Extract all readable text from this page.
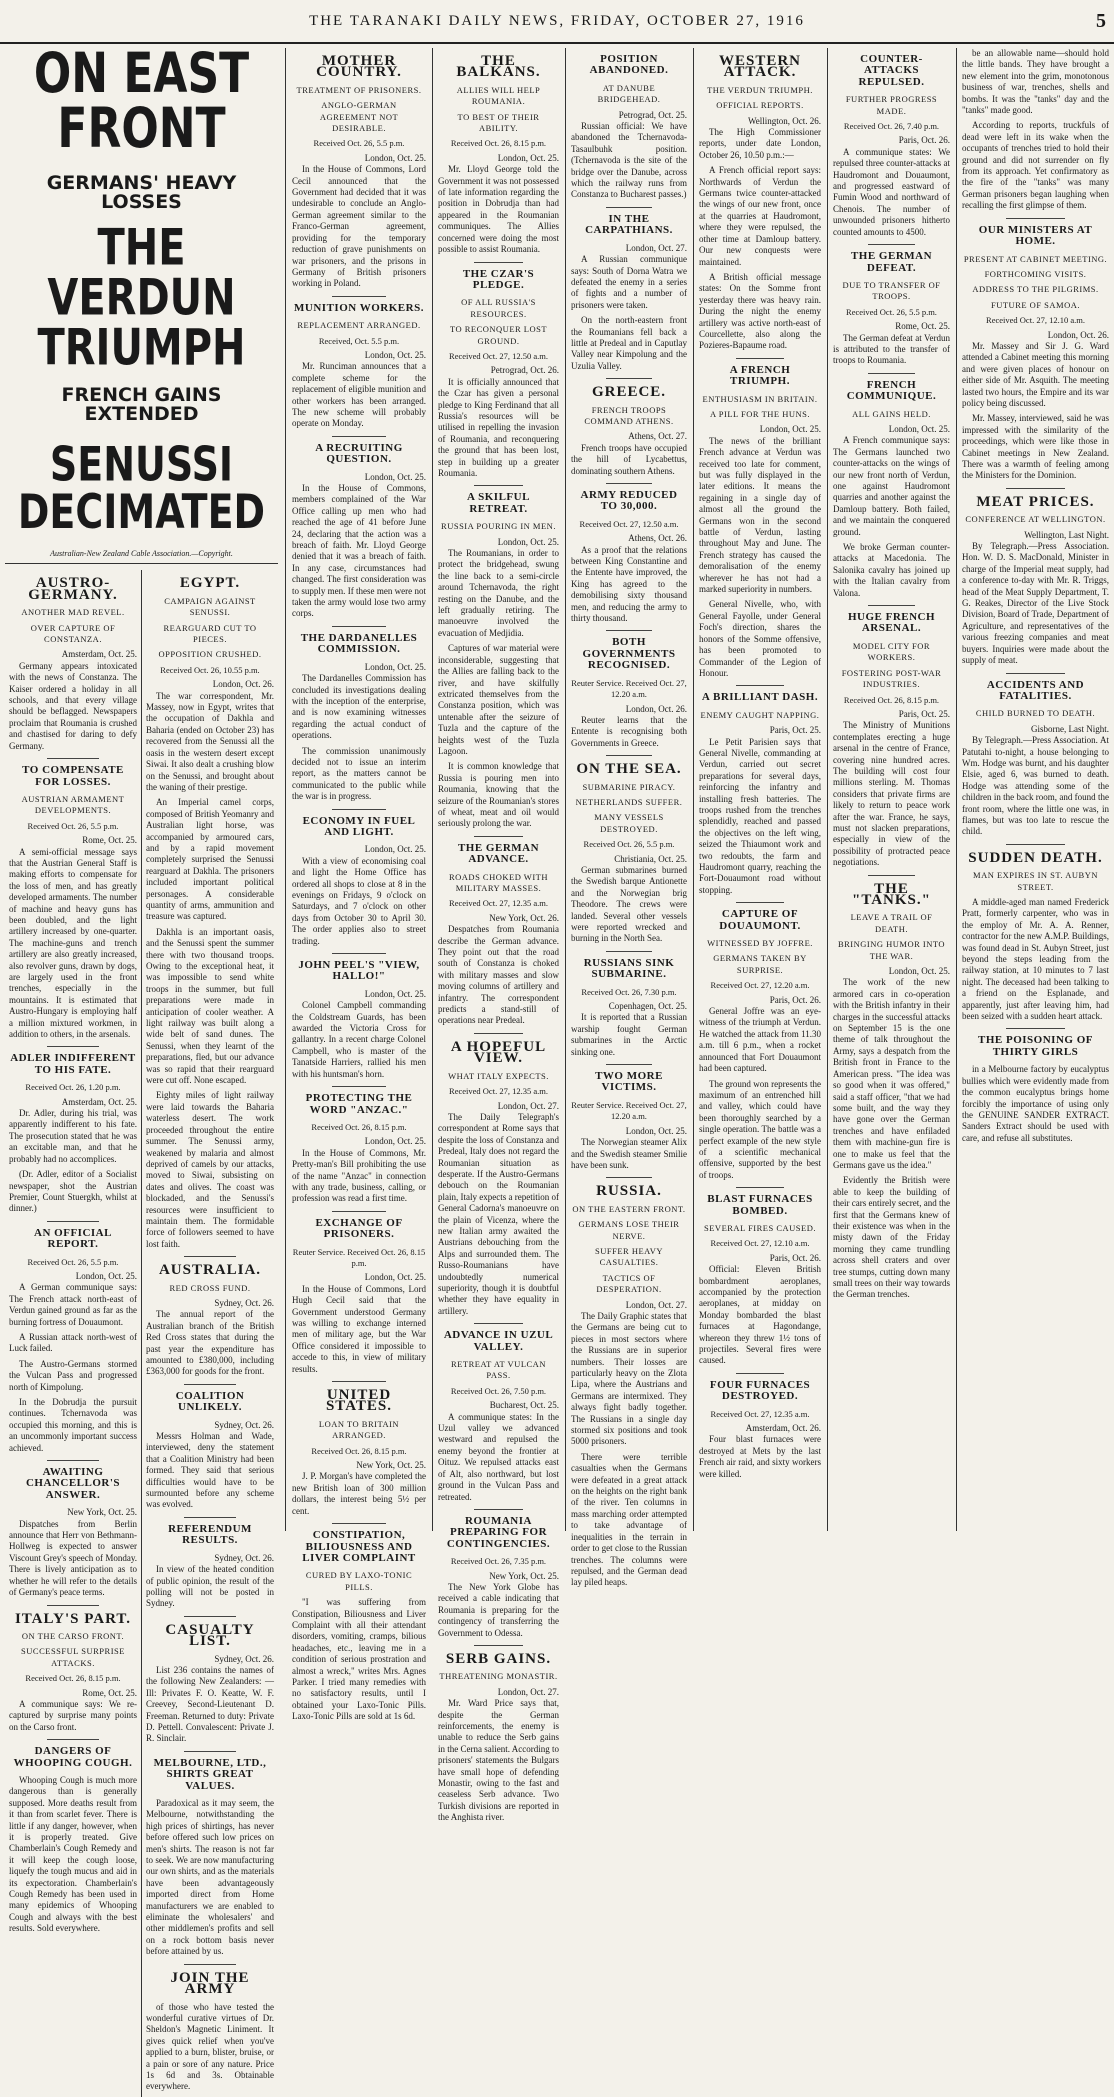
THE TARANAKI DAILY NEWS, FRIDAY, OCTOBER 27, 1916	5
ON EAST FRONT
GERMANS' HEAVY LOSSES
THE VERDUN TRIUMPH
FRENCH GAINS EXTENDED
SENUSSI DECIMATED
Australian-New Zealand Cable Association.—Copyright.
AUSTRO-GERMANY.
ANOTHER MAD REVEL.
OVER CAPTURE OF CONSTANZA.
Amsterdam, Oct. 25.

Germany appears intoxicated with the news of Constanza. The Kaiser ordered a holiday in all schools, and that every village should be beflagged. Newspapers proclaim that Roumania is crushed and chastised for daring to defy Germany.

TO COMPENSATE FOR LOSSES.
AUSTRIAN ARMAMENT DEVELOPMENTS.
Received Oct. 26, 5.5 p.m.
Rome, Oct. 25.

A semi-official message says that the Austrian General Staff is making efforts to compensate for the loss of men, and has greatly developed armaments. The number of machine and heavy guns has been doubled, and the light artillery increased by one-quarter. The machine-guns and trench artillery are also greatly increased, also revolver guns, drawn by dogs, are largely used in the front trenches, especially in the mountains. It is estimated that Austro-Hungary is employing half a million mixtured workmen, in addition to others, in the arsenals.

ADLER INDIFFERENT TO HIS FATE.
Received Oct. 26, 1.20 p.m.
Amsterdam, Oct. 25.

Dr. Adler, during his trial, was apparently indifferent to his fate. The prosecution stated that he was an excitable man, and that he probably had no accomplices.

(Dr. Adler, editor of a Socialist newspaper, shot the Austrian Premier, Count Stuergkh, whilst at dinner.)

AN OFFICIAL REPORT.
Received Oct. 26, 5.5 p.m.
London, Oct. 25.

A German communique says: The French attack north-east of Verdun gained ground as far as the burning fortress of Douaumont.

A Russian attack north-west of Luck failed.

The Austro-Germans stormed the Vulcan Pass and progressed north of Kimpolung.

In the Dobrudja the pursuit continues. Tchernavoda was occupied this morning, and this is an uncommonly important success achieved.

AWAITING CHANCELLOR'S ANSWER.
New York, Oct. 25.

Dispatches from Berlin announce that Herr von Bethmann-Hollweg is expected to answer Viscount Grey's speech of Monday. There is lively anticipation as to whether he will refer to the details of Germany's peace terms.

ITALY'S PART.
ON THE CARSO FRONT.
SUCCESSFUL SURPRISE ATTACKS.
Received Oct. 26, 8.15 p.m.
Rome, Oct. 25.

A communique says: We re-captured by surprise many points on the Carso front.

DANGERS OF WHOOPING COUGH.

Whooping Cough is much more dangerous than is generally supposed. More deaths result from it than from scarlet fever. There is little if any danger, however, when it is properly treated. Give Chamberlain's Cough Remedy and it will keep the cough loose, liquefy the tough mucus and aid in its expectoration. Chamberlain's Cough Remedy has been used in many epidemics of Whooping Cough and always with the best results. Sold everywhere.

EGYPT.
CAMPAIGN AGAINST SENUSSI.
REARGUARD CUT TO PIECES.
OPPOSITION CRUSHED.
Received Oct. 26, 10.55 p.m.
London, Oct. 26.

The war correspondent, Mr. Massey, now in Egypt, writes that the occupation of Dakhla and Baharia (ended on October 23) has recovered from the Senussi all the oasis in the western desert except Siwai. It also dealt a crushing blow on the Senussi, and brought about the waning of their prestige.

An Imperial camel corps, composed of British Yeomanry and Australian light horse, was accompanied by armoured cars, and by a rapid movement completely surprised the Senussi rearguard at Dakhla. The prisoners included important political personages. A considerable quantity of arms, ammunition and treasure was captured.

Dakhla is an important oasis, and the Senussi spent the summer there with two thousand troops. Owing to the exceptional heat, it was impossible to send white troops in the summer, but full preparations were made in anticipation of cooler weather. A light railway was built along a wide belt of sand dunes. The Senussi, when they learnt of the preparations, fled, but our advance was so rapid that their rearguard were cut off. None escaped.

Eighty miles of light railway were laid towards the Baharia waterless desert. The work proceeded throughout the entire summer. The Senussi army, weakened by malaria and almost deprived of camels by our attacks, moved to Siwai, subsisting on dates and olives. The coast was blockaded, and the Senussi's resources were insufficient to maintain them. The formidable force of followers seemed to have lost faith.

AUSTRALIA.
RED CROSS FUND.
Sydney, Oct. 26.

The annual report of the Australian branch of the British Red Cross states that during the past year the expenditure has amounted to £380,000, including £363,000 for goods for the front.

COALITION UNLIKELY.
Sydney, Oct. 26.

Messrs Holman and Wade, interviewed, deny the statement that a Coalition Ministry had been formed. They said that serious difficulties would have to be surmounted before any scheme was evolved.

REFERENDUM RESULTS.
Sydney, Oct. 26.

In view of the heated condition of public opinion, the result of the polling will not be posted in Sydney.

CASUALTY LIST.
Sydney, Oct. 26.

List 236 contains the names of the following New Zealanders: —Ill: Privates F. O. Keatte, W. F. Creevey, Second-Lieutenant D. Freeman. Returned to duty: Private D. Pettell. Convalescent: Private J. R. Sinclair.

MELBOURNE, LTD., SHIRTS GREAT VALUES.

Paradoxical as it may seem, the Melbourne, notwithstanding the high prices of shirtings, has never before offered such low prices on men's shirts. The reason is not far to seek. We are now manufacturing our own shirts, and as the materials have been advantageously imported direct from Home manufacturers we are enabled to eliminate the wholesalers' and other middlemen's profits and sell on a rock bottom basis never before attained by us.

JOIN THE ARMY

of those who have tested the wonderful curative virtues of Dr. Sheldon's Magnetic Liniment. It gives quick relief when you've applied to a burn, blister, bruise, or a pain or sore of any nature. Price 1s 6d and 3s. Obtainable everywhere.

MOTHER COUNTRY.
TREATMENT OF PRISONERS.
ANGLO-GERMAN AGREEMENT NOT DESIRABLE.
Received Oct. 26, 5.5 p.m.
London, Oct. 25.

In the House of Commons, Lord Cecil announced that the Government had decided that it was undesirable to conclude an Anglo-German agreement similar to the Franco-German agreement, providing for the temporary reduction of grave punishments on war prisoners, and the prisons in Germany of British prisoners working in Poland.

MUNITION WORKERS.
REPLACEMENT ARRANGED.
Received, Oct. 5.5 p.m.
London, Oct. 25.

Mr. Runciman announces that a complete scheme for the replacement of eligible munition and other workers has been arranged. The new scheme will probably operate on Monday.

A RECRUITING QUESTION.
London, Oct. 25.

In the House of Commons, members complained of the War Office calling up men who had reached the age of 41 before June 24, declaring that the action was a breach of faith. Mr. Lloyd George denied that it was a breach of faith. In any case, circumstances had changed. The first consideration was to supply men. If these men were not taken the army would lose two army corps.

THE DARDANELLES COMMISSION.
London, Oct. 25.

The Dardanelles Commission has concluded its investigations dealing with the inception of the enterprise, and is now examining witnesses regarding the actual conduct of operations.

The commission unanimously decided not to issue an interim report, as the matters cannot be communicated to the public while the war is in progress.

ECONOMY IN FUEL AND LIGHT.
London, Oct. 25.

With a view of economising coal and light the Home Office has ordered all shops to close at 8 in the evenings on Fridays, 9 o'clock on Saturdays, and 7 o'clock on other days from October 30 to April 30. The order applies also to street trading.

JOHN PEEL'S "VIEW, HALLO!"
London, Oct. 25.

Colonel Campbell commanding the Coldstream Guards, has been awarded the Victoria Cross for gallantry. In a recent charge Colonel Campbell, who is master of the Tanatside Harriers, rallied his men with his huntsman's horn.

PROTECTING THE WORD "ANZAC."
Received Oct. 26, 8.15 p.m.
London, Oct. 25.

In the House of Commons, Mr. Pretty-man's Bill prohibiting the use of the name "Anzac" in connection with any trade, business, calling, or profession was read a first time.

EXCHANGE OF PRISONERS.
Reuter Service. Received Oct. 26, 8.15 p.m.
London, Oct. 25.

In the House of Commons, Lord Hugh Cecil said that the Government understood Germany was willing to exchange interned men of military age, but the War Office considered it impossible to accede to this, in view of military results.

UNITED STATES.
LOAN TO BRITAIN ARRANGED.
Received Oct. 26, 8.15 p.m.
New York, Oct. 25.

J. P. Morgan's have completed the new British loan of 300 million dollars, the interest being 5½ per cent.

CONSTIPATION, BILIOUSNESS AND LIVER COMPLAINT
CURED BY LAXO-TONIC PILLS.

"I was suffering from Constipation, Biliousness and Liver Complaint with all their attendant disorders, vomiting, cramps, bilious headaches, etc., leaving me in a condition of serious prostration and almost a wreck," writes Mrs. Agnes Parker. I tried many remedies with no satisfactory results, until I obtained your Laxo-Tonic Pills. Laxo-Tonic Pills are sold at 1s 6d.

THE BALKANS.
ALLIES WILL HELP ROUMANIA.
TO BEST OF THEIR ABILITY.
Received Oct. 26, 8.15 p.m.
London, Oct. 25.

Mr. Lloyd George told the Government it was not possessed of late information regarding the position in Dobrudja than had appeared in the Roumanian communiques. The Allies concerned were doing the most possible to assist Roumania.

THE CZAR'S PLEDGE.
OF ALL RUSSIA'S RESOURCES.
TO RECONQUER LOST GROUND.
Received Oct. 27, 12.50 a.m.
Petrograd, Oct. 26.

It is officially announced that the Czar has given a personal pledge to King Ferdinand that all Russia's resources will be utilised in repelling the invasion of Roumania, and reconquering the ground that has been lost, step in building up a greater Roumania.

A SKILFUL RETREAT.
RUSSIA POURING IN MEN.
London, Oct. 25.

The Roumanians, in order to protect the bridgehead, swung the line back to a semi-circle around Tchernavoda, the right resting on the Danube, and the left gradually retiring. The manoeuvre involved the evacuation of Medjidia.

Captures of war material were inconsiderable, suggesting that the Allies are falling back to the river, and have skilfully extricated themselves from the Constanza position, which was untenable after the seizure of Tuzla and the capture of the heights west of the Tuzla Lagoon.

It is common knowledge that Russia is pouring men into Roumania, knowing that the seizure of the Roumanian's stores of wheat, meat and oil would seriously prolong the war.

THE GERMAN ADVANCE.
ROADS CHOKED WITH MILITARY MASSES.
Received Oct. 27, 12.35 a.m.
New York, Oct. 26.

Despatches from Roumania describe the German advance. They point out that the road south of Constanza is choked with military masses and slow moving columns of artillery and infantry. The correspondent predicts a stand-still of operations near Predeal.

A HOPEFUL VIEW.
WHAT ITALY EXPECTS.
Received Oct. 27, 12.35 a.m.
London, Oct. 27.

The Daily Telegraph's correspondent at Rome says that despite the loss of Constanza and Predeal, Italy does not regard the Roumanian situation as desperate. If the Austro-Germans debouch on the Roumanian plain, Italy expects a repetition of General Cadorna's manoeuvre on the plain of Vicenza, where the new Italian army awaited the Austrians debouching from the Alps and surrounded them. The Russo-Roumanians have undoubtedly numerical superiority, though it is doubtful whether they have equality in artillery.

ADVANCE IN UZUL VALLEY.
RETREAT AT VULCAN PASS.
Received Oct. 26, 7.50 p.m.
Bucharest, Oct. 25.

A communique states: In the Uzul valley we advanced westward and repulsed the enemy beyond the frontier at Oituz. We repulsed attacks east of Alt, also northward, but lost ground in the Vulcan Pass and retreated.

ROUMANIA PREPARING FOR CONTINGENCIES.
Received Oct. 26, 7.35 p.m.
New York, Oct. 25.

The New York Globe has received a cable indicating that Roumania is preparing for the contingency of transferring the Government to Odessa.

SERB GAINS.
THREATENING MONASTIR.
London, Oct. 27.

Mr. Ward Price says that, despite the German reinforcements, the enemy is unable to reduce the Serb gains in the Cerna salient. According to prisoners' statements the Bulgars have small hope of defending Monastir, owing to the fast and ceaseless Serb advance. Two Turkish divisions are reported in the Anghista river.

POSITION ABANDONED.
AT DANUBE BRIDGEHEAD.
Petrograd, Oct. 25.

Russian official: We have abandoned the Tchernavoda-Tasaulbuhk position. (Tchernavoda is the site of the bridge over the Danube, across which the railway runs from Constanza to Bucharest passes.)

IN THE CARPATHIANS.
London, Oct. 27.

A Russian communique says: South of Dorna Watra we defeated the enemy in a series of fights and a number of prisoners were taken.

On the north-eastern front the Roumanians fell back a little at Predeal and in Caputlay Valley near Kimpolung and the Uzulia Valley.

GREECE.
FRENCH TROOPS COMMAND ATHENS.
Athens, Oct. 27.

French troops have occupied the hill of Lycabettus, dominating southern Athens.

ARMY REDUCED TO 30,000.
Received Oct. 27, 12.50 a.m.
Athens, Oct. 26.

As a proof that the relations between King Constantine and the Entente have improved, the King has agreed to the demobilising sixty thousand men, and reducing the army to thirty thousand.

BOTH GOVERNMENTS RECOGNISED.
Reuter Service. Received Oct. 27, 12.20 a.m.
London, Oct. 26.

Reuter learns that the Entente is recognising both Governments in Greece.

ON THE SEA.
SUBMARINE PIRACY.
NETHERLANDS SUFFER.
MANY VESSELS DESTROYED.
Received Oct. 26, 5.5 p.m.
Christiania, Oct. 25.

German submarines burned the Swedish barque Antionette and the Norwegian brig Theodore. The crews were landed. Several other vessels were reported wrecked and burning in the North Sea.

RUSSIANS SINK SUBMARINE.
Received Oct. 26, 7.30 p.m.
Copenhagen, Oct. 25.

It is reported that a Russian warship fought German submarines in the Arctic sinking one.

TWO MORE VICTIMS.
Reuter Service. Received Oct. 27, 12.20 a.m.
London, Oct. 25.

The Norwegian steamer Alix and the Swedish steamer Smilie have been sunk.

RUSSIA.
ON THE EASTERN FRONT.
GERMANS LOSE THEIR NERVE.
SUFFER HEAVY CASUALTIES.
TACTICS OF DESPERATION.
London, Oct. 27.

The Daily Graphic states that the Germans are being cut to pieces in most sectors where the Russians are in superior numbers. Their losses are particularly heavy on the Zlota Lipa, where the Austrians and Germans are intermixed. They always fight badly together. The Russians in a single day stormed six positions and took 5000 prisoners.

There were terrible casualties when the Germans were defeated in a great attack on the heights on the right bank of the river. Ten columns in mass marching order attempted to take advantage of inequalities in the terrain in order to get close to the Russian trenches. The columns were repulsed, and the German dead lay piled heaps.

WESTERN ATTACK.
THE VERDUN TRIUMPH.
OFFICIAL REPORTS.
Wellington, Oct. 26.

The High Commissioner reports, under date London, October 26, 10.50 p.m.:—

A French official report says: Northwards of Verdun the Germans twice counter-attacked the wings of our new front, once at the quarries at Haudromont, where they were repulsed, the other time at Damloup battery. Our new conquests were maintained.

A British official message states: On the Somme front yesterday there was heavy rain. During the night the enemy artillery was active north-east of Courcellette, also along the Pozieres-Bapaume road.

A FRENCH TRIUMPH.
ENTHUSIASM IN BRITAIN.
A PILL FOR THE HUNS.
London, Oct. 25.

The news of the brilliant French advance at Verdun was received too late for comment, but was fully displayed in the later editions. It means the regaining in a single day of almost all the ground the Germans won in the second battle of Verdun, lasting throughout May and June. The French strategy has caused the demoralisation of the enemy wherever he has not had a marked superiority in numbers.

General Nivelle, who, with General Fayolle, under General Foch's direction, shares the honors of the Somme offensive, has been promoted to Commander of the Legion of Honour.

A BRILLIANT DASH.
ENEMY CAUGHT NAPPING.
Paris, Oct. 25.

Le Petit Parisien says that General Nivelle, commanding at Verdun, carried out secret preparations for several days, reinforcing the infantry and installing fresh batteries. The troops rushed from the trenches splendidly, reached and passed the objectives on the left wing, seized the Thiaumont work and two redoubts, the farm and Haudromont quarry, reaching the Fort-Douaumont road without stopping.

CAPTURE OF DOUAUMONT.
WITNESSED BY JOFFRE.
GERMANS TAKEN BY SURPRISE.
Received Oct. 27, 12.20 a.m.
Paris, Oct. 26.

General Joffre was an eye-witness of the triumph at Verdun. He watched the attack from 11.30 a.m. till 6 p.m., when a rocket announced that Fort Douaumont had been captured.

The ground won represents the maximum of an entrenched hill and valley, which could have been thoroughly searched by a single operation. The battle was a perfect example of the new style of a scientific mechanical offensive, supported by the best of troops.

BLAST FURNACES BOMBED.
SEVERAL FIRES CAUSED.
Received Oct. 27, 12.10 a.m.
Paris, Oct. 26.

Official: Eleven British bombardment aeroplanes, accompanied by the protection aeroplanes, at midday on Monday bombarded the blast furnaces at Hagondange, whereon they threw 1½ tons of projectiles. Several fires were caused.

FOUR FURNACES DESTROYED.
Received Oct. 27, 12.35 a.m.
Amsterdam, Oct. 26.

Four blast furnaces were destroyed at Mets by the last French air raid, and sixty workers were killed.

COUNTER-ATTACKS REPULSED.
FURTHER PROGRESS MADE.
Received Oct. 26, 7.40 p.m.
Paris, Oct. 26.

A communique states: We repulsed three counter-attacks at Haudromont and Douaumont, and progressed eastward of Fumin Wood and northward of Chenois. The number of unwounded prisoners hitherto counted amounts to 4500.

THE GERMAN DEFEAT.
DUE TO TRANSFER OF TROOPS.
Received Oct. 26, 5.5 p.m.
Rome, Oct. 25.

The German defeat at Verdun is attributed to the transfer of troops to Roumania.

FRENCH COMMUNIQUE.
ALL GAINS HELD.
London, Oct. 25.

A French communique says: The Germans launched two counter-attacks on the wings of our new front north of Verdun, one against Haudromont quarries and another against the Damloup battery. Both failed, and we maintain the conquered ground.

We broke German counter-attacks at Macedonia. The Salonika cavalry has joined up with the Italian cavalry from Valona.

HUGE FRENCH ARSENAL.
MODEL CITY FOR WORKERS.
FOSTERING POST-WAR INDUSTRIES.
Received Oct. 26, 8.15 p.m.
Paris, Oct. 25.

The Ministry of Munitions contemplates erecting a huge arsenal in the centre of France, covering nine hundred acres. The building will cost four millions sterling. M. Thomas considers that private firms are likely to return to peace work after the war. France, he says, must not slacken preparations, especially in view of the possibility of protracted peace negotiations.

THE "TANKS."
LEAVE A TRAIL OF DEATH.
BRINGING HUMOR INTO THE WAR.
London, Oct. 25.

The work of the new armored cars in co-operation with the British infantry in their charges in the successful attacks on September 15 is the one theme of talk throughout the Army, says a despatch from the British front in France to the American press. "The idea was so good when it was offered," said a staff officer, "that we had some built, and the way they have gone over the German trenches and have enfiladed them with machine-gun fire is one to make us feel that the Germans gave us the idea."

Evidently the British were able to keep the building of their cars entirely secret, and the first that the Germans knew of their existence was when in the misty dawn of the Friday morning they came trundling across shell craters and over tree stumps, cutting down many small trees on their way towards the German trenches.

be an allowable name—should hold the little bands. They have brought a new element into the grim, monotonous business of war, trenches, shells and bombs. It was the "tanks" day and the "tanks" made good.

According to reports, truckfuls of dead were left in its wake when the occupants of trenches tried to hold their ground and did not surrender on fly from its approach. Yet confirmatory as the fire of the "tanks" was many German prisoners began laughing when recalling the first glimpse of them.

OUR MINISTERS AT HOME.
PRESENT AT CABINET MEETING.
FORTHCOMING VISITS.
ADDRESS TO THE PILGRIMS.
FUTURE OF SAMOA.
Received Oct. 27, 12.10 a.m.
London, Oct. 26.

Mr. Massey and Sir J. G. Ward attended a Cabinet meeting this morning and were given places of honour on either side of Mr. Asquith. The meeting lasted two hours, the Empire and its war policy being discussed.

Mr. Massey, interviewed, said he was impressed with the similarity of the proceedings, which were like those in Cabinet meetings in New Zealand. There was a warmth of feeling among the Ministers for the Dominion.

MEAT PRICES.
CONFERENCE AT WELLINGTON.
Wellington, Last Night.

By Telegraph.—Press Association. Hon. W. D. S. MacDonald, Minister in charge of the Imperial meat supply, had a conference to-day with Mr. R. Triggs, head of the Meat Supply Department, T. G. Reakes, Director of the Live Stock Division, Board of Trade, Department of Agriculture, and representatives of the various freezing companies and meat buyers. Inquiries were made about the supply of meat.

ACCIDENTS AND FATALITIES.
CHILD BURNED TO DEATH.
Gisborne, Last Night.

By Telegraph.—Press Association. At Patutahi to-night, a house belonging to Wm. Hodge was burnt, and his daughter Elsie, aged 6, was burned to death. Hodge was attending some of the children in the back room, and found the front room, where the little one was, in flames, but was too late to rescue the child.

SUDDEN DEATH.
MAN EXPIRES IN ST. AUBYN STREET.

A middle-aged man named Frederick Pratt, formerly carpenter, who was in the employ of Mr. A. A. Renner, contractor for the new A.M.P. Buildings, was found dead in St. Aubyn Street, just beyond the steps leading from the railway station, at 10 minutes to 7 last night. The deceased had been talking to a friend on the Esplanade, and apparently, just after leaving him, had been seized with a sudden heart attack.

THE POISONING OF THIRTY GIRLS

in a Melbourne factory by eucalyptus bullies which were evidently made from the common eucalyptus brings home forcibly the importance of using only the GENUINE SANDER EXTRACT. Sanders Extract should be used with care, and refuse all substitutes.
